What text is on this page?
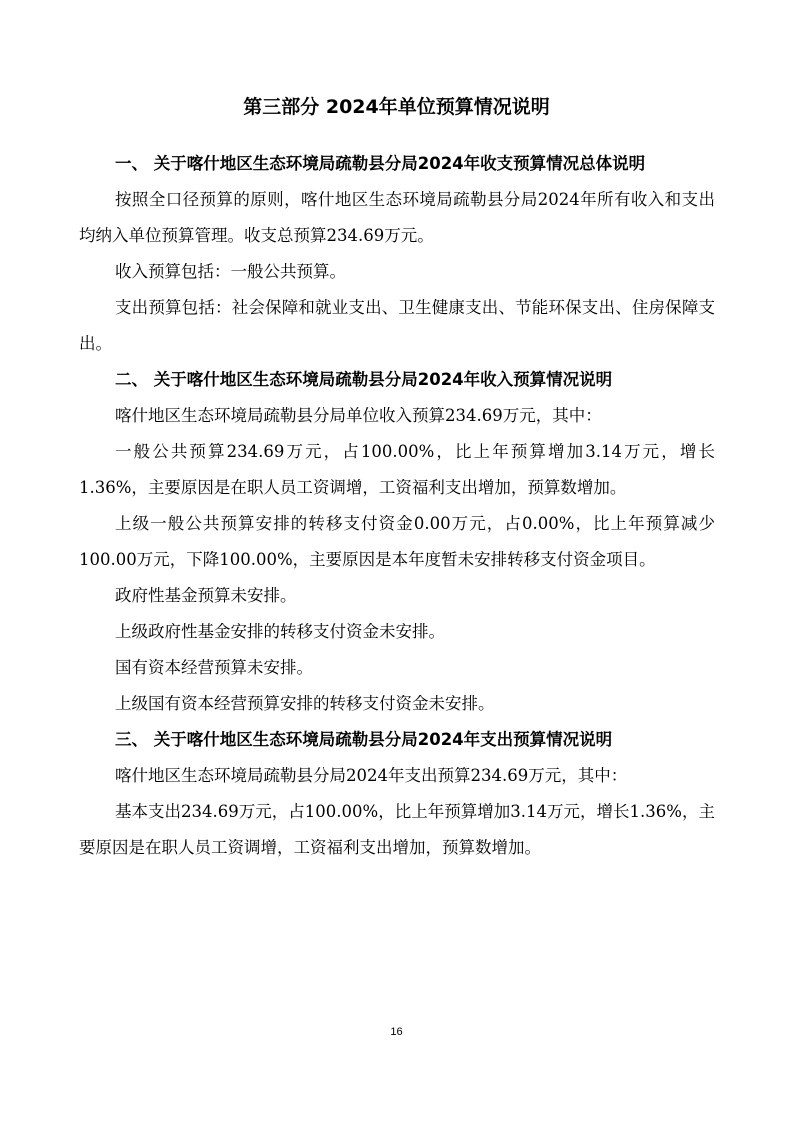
第三部分 2024年单位预算情况说明

一、 关于喀什地区生态环境局疏勒县分局2024年收支预算情况总体说明

按照全口径预算的原则，喀什地区生态环境局疏勒县分局2024年所有收入和支出均纳入单位预算管理。收支总预算234.69万元。

收入预算包括：一般公共预算。

支出预算包括：社会保障和就业支出、卫生健康支出、节能环保支出、住房保障支出。

二、 关于喀什地区生态环境局疏勒县分局2024年收入预算情况说明

喀什地区生态环境局疏勒县分局单位收入预算234.69万元，其中：

一般公共预算234.69万元，占100.00%，比上年预算增加3.14万元，增长1.36%，主要原因是在职人员工资调增，工资福利支出增加，预算数增加。

上级一般公共预算安排的转移支付资金0.00万元，占0.00%，比上年预算减少100.00万元，下降100.00%，主要原因是本年度暂未安排转移支付资金项目。

政府性基金预算未安排。

上级政府性基金安排的转移支付资金未安排。

国有资本经营预算未安排。

上级国有资本经营预算安排的转移支付资金未安排。

三、 关于喀什地区生态环境局疏勒县分局2024年支出预算情况说明

喀什地区生态环境局疏勒县分局2024年支出预算234.69万元，其中：

基本支出234.69万元，占100.00%，比上年预算增加3.14万元，增长1.36%，主要原因是在职人员工资调增，工资福利支出增加，预算数增加。

16
